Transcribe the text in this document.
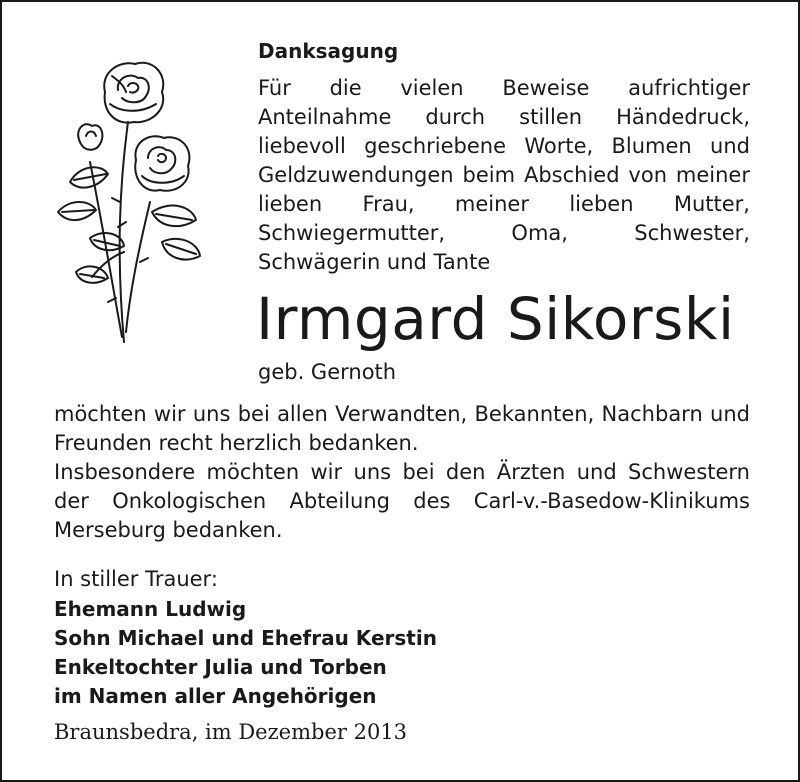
Danksagung
Für die vielen Beweise aufrichtiger Anteilnahme durch stillen Händedruck, liebevoll geschriebene Worte, Blumen und Geldzuwendungen beim Abschied von meiner lieben Frau, meiner lieben Mutter, Schwiegermutter, Oma, Schwester, Schwägerin und Tante
Irmgard Sikorski
geb. Gernoth

möchten wir uns bei allen Verwandten, Bekannten, Nachbarn und Freunden recht herzlich bedanken.

Insbesondere möchten wir uns bei den Ärzten und Schwestern der Onkologischen Abteilung des Carl-v.-Basedow-Klinikums Merseburg bedanken.

In stiller Trauer:
Ehemann Ludwig
Sohn Michael und Ehefrau Kerstin
Enkeltochter Julia und Torben
im Namen aller Angehörigen
Braunsbedra, im Dezember 2013
